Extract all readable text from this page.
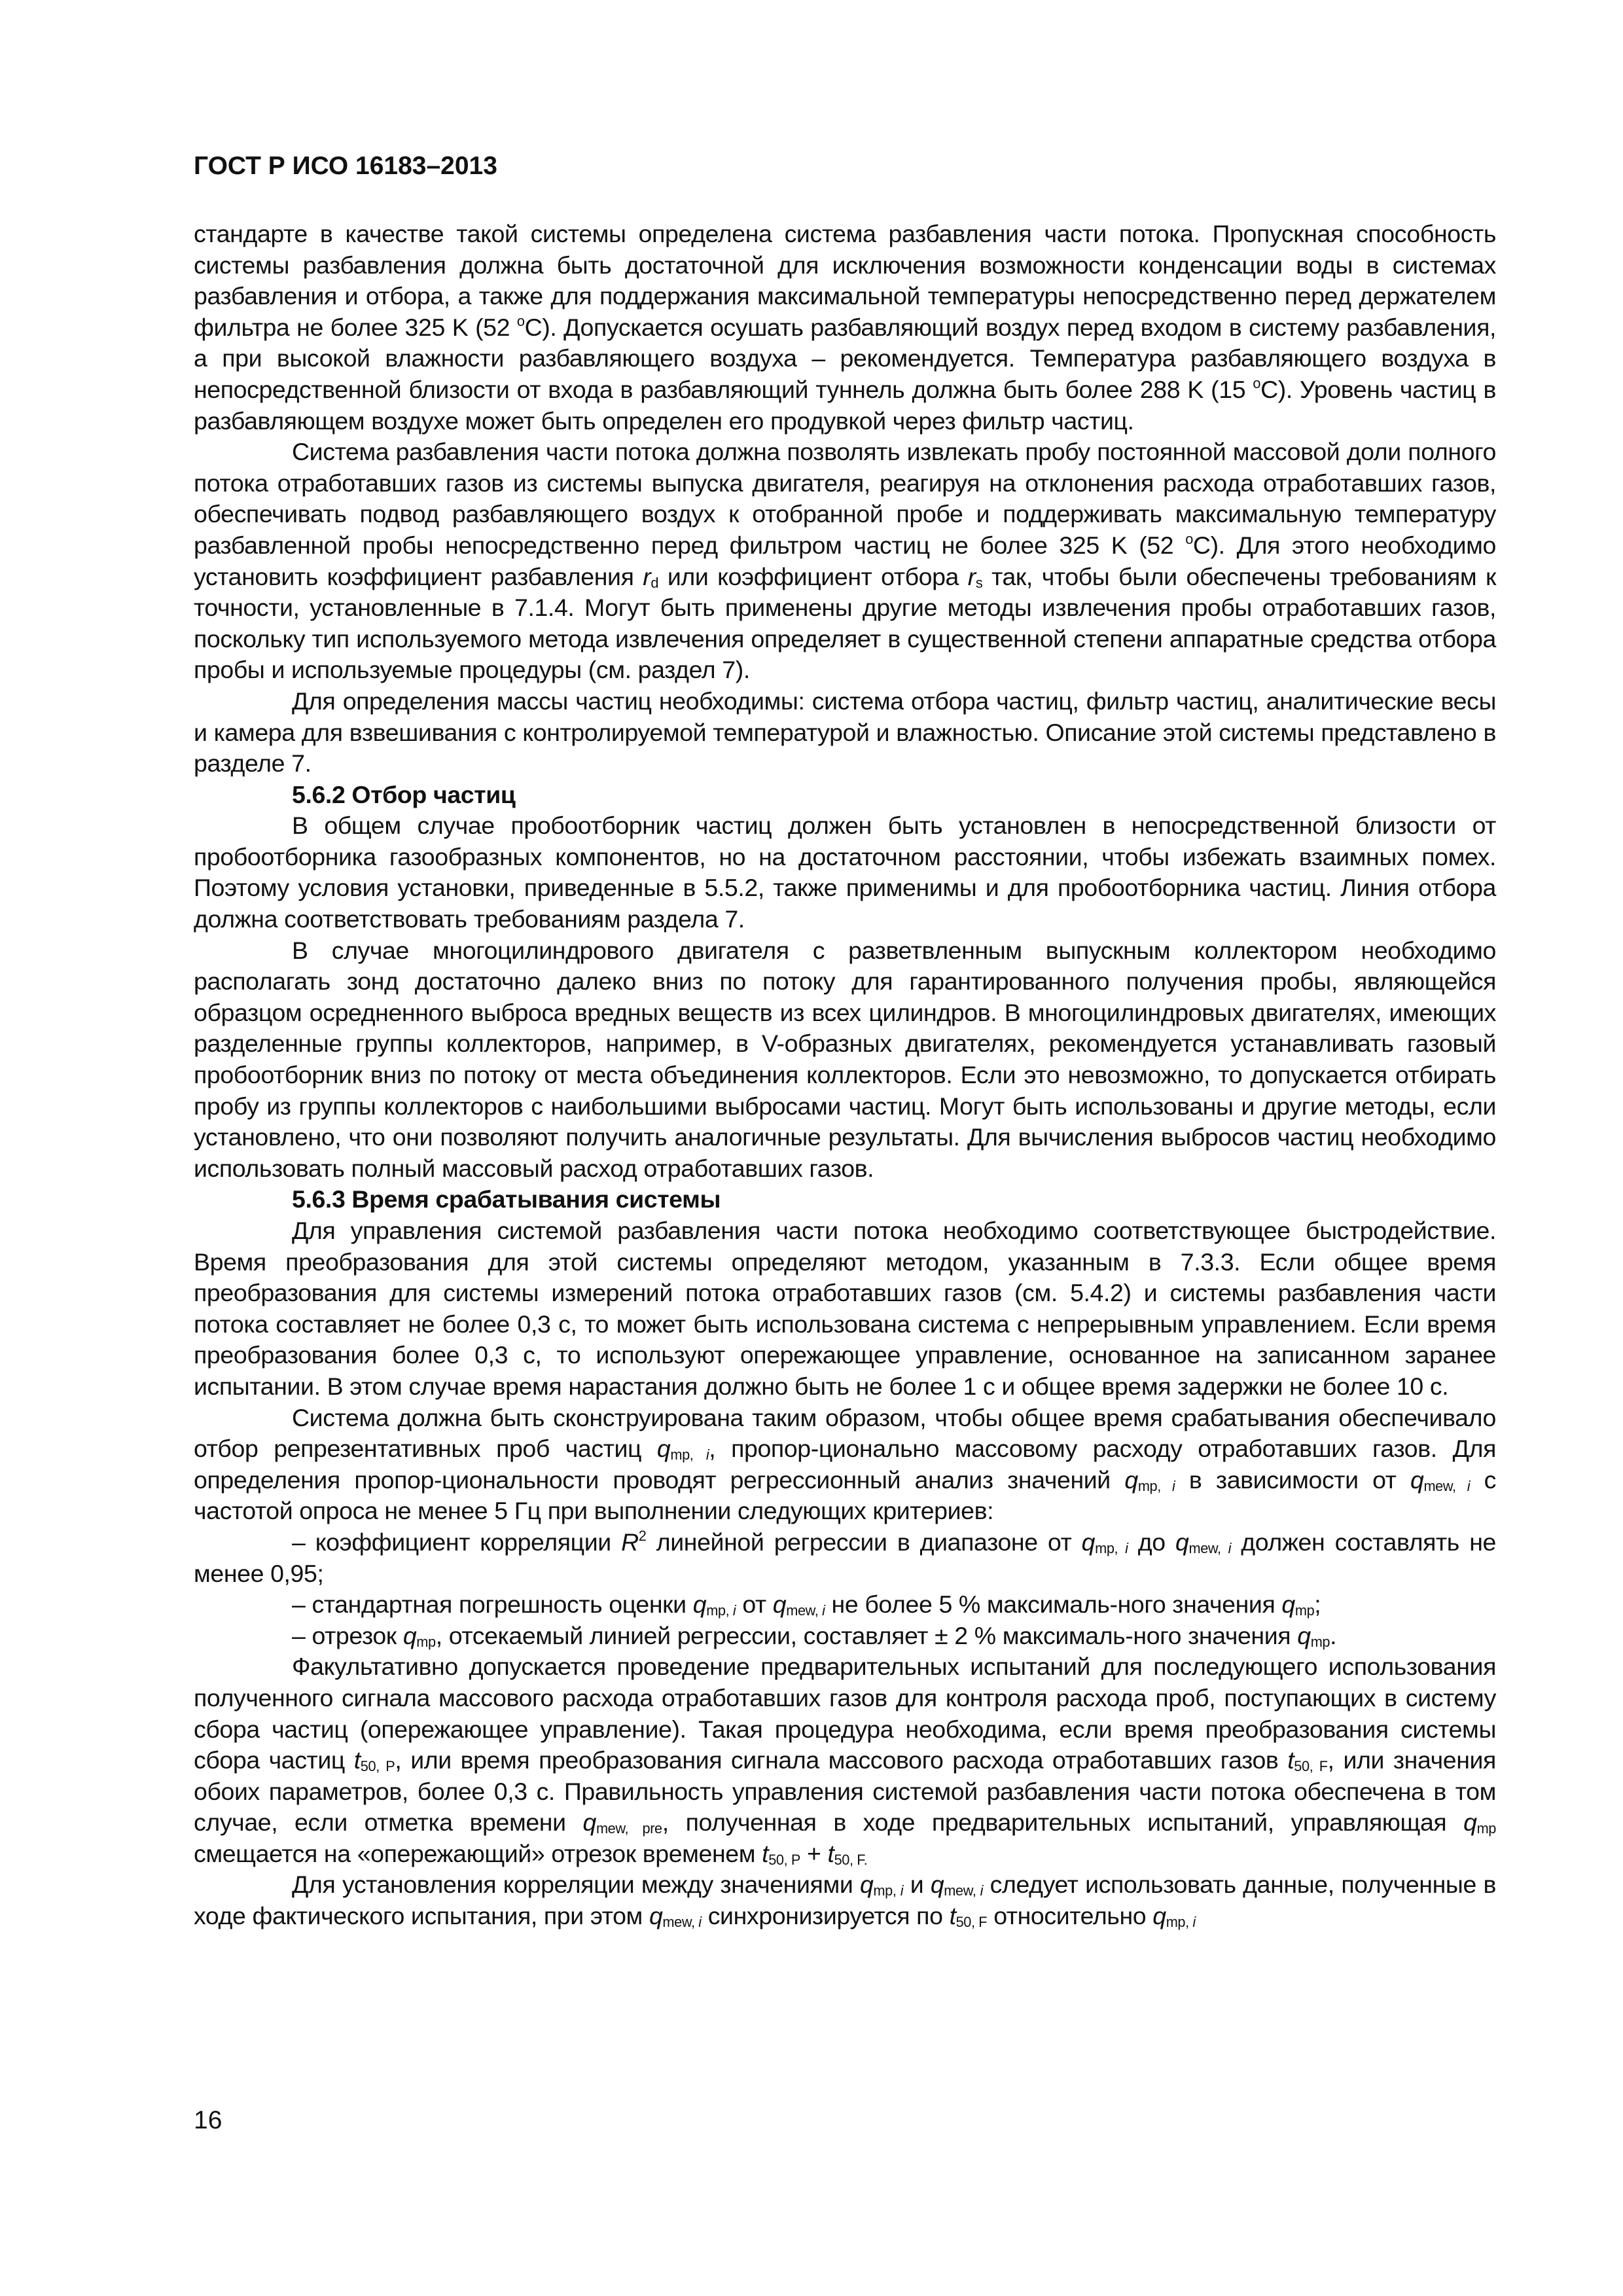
ГОСТ Р ИСО 16183–2013

стандарте в качестве такой системы определена система разбавления части потока. Пропускная способность системы разбавления должна быть достаточной для исключения возможности конденсации воды в системах разбавления и отбора, а также для поддержания максимальной температуры непосредственно перед держателем фильтра не более 325 K (52 $^o$C). Допускается осушать разбавляющий воздух перед входом в систему разбавления, а при высокой влажности разбавляющего воздуха – рекомендуется. Температура разбавляющего воздуха в непосредственной близости от входа в разбавляющий туннель должна быть более 288 K (15 $^o$C). Уровень частиц в разбавляющем воздухе может быть определен его продувкой через фильтр частиц.

Система разбавления части потока должна позволять извлекать пробу постоянной массовой доли полного потока отработавших газов из системы выпуска двигателя, реагируя на отклонения расхода отработавших газов, обеспечивать подвод разбавляющего воздух к отобранной пробе и поддерживать максимальную температуру разбавленной пробы непосредственно перед фильтром частиц не более 325 K (52 $^o$C). Для этого необходимо установить коэффициент разбавления $r_d$ или коэффициент отбора $r_s$ так, чтобы были обеспечены требованиям к точности, установленные в 7.1.4. Могут быть применены другие методы извлечения пробы отработавших газов, поскольку тип используемого метода извлечения определяет в существенной степени аппаратные средства отбора пробы и используемые процедуры (см. раздел 7).

Для определения массы частиц необходимы: система отбора частиц, фильтр частиц, аналитические весы и камера для взвешивания с контролируемой температурой и влажностью. Описание этой системы представлено в разделе 7.

5.6.2 Отбор частиц

В общем случае пробоотборник частиц должен быть установлен в непосредственной близости от пробоотборника газообразных компонентов, но на достаточном расстоянии, чтобы избежать взаимных помех. Поэтому условия установки, приведенные в 5.5.2, также применимы и для пробоотборника частиц. Линия отбора должна соответствовать требованиям раздела 7.

В случае многоцилиндрового двигателя с разветвленным выпускным коллектором необходимо располагать зонд достаточно далеко вниз по потоку для гарантированного получения пробы, являющейся образцом осредненного выброса вредных веществ из всех цилиндров. В многоцилиндровых двигателях, имеющих разделенные группы коллекторов, например, в V-образных двигателях, рекомендуется устанавливать газовый пробоотборник вниз по потоку от места объединения коллекторов. Если это невозможно, то допускается отбирать пробу из группы коллекторов с наибольшими выбросами частиц. Могут быть использованы и другие методы, если установлено, что они позволяют получить аналогичные результаты. Для вычисления выбросов частиц необходимо использовать полный массовый расход отработавших газов.

5.6.3 Время срабатывания системы

Для управления системой разбавления части потока необходимо соответствующее быстродействие. Время преобразования для этой системы определяют методом, указанным в 7.3.3. Если общее время преобразования для системы измерений потока отработавших газов (см. 5.4.2) и системы разбавления части потока составляет не более 0,3 с, то может быть использована система с непрерывным управлением. Если время преобразования более 0,3 с, то используют опережающее управление, основанное на записанном заранее испытании. В этом случае время нарастания должно быть не более 1 с и общее время задержки не более 10 с.

Система должна быть сконструирована таким образом, чтобы общее время срабатывания обеспечивало отбор репрезентативных проб частиц $q_{mp, i}$, пропор-ционально массовому расходу отработавших газов. Для определения пропор-циональности проводят регрессионный анализ значений $q_{mp, i}$ в зависимости от $q_{mew, i}$ с частотой опроса не менее 5 Гц при выполнении следующих критериев:

– коэффициент корреляции $R^2$ линейной регрессии в диапазоне от $q_{mp, i}$ до $q_{mew, i}$ должен составлять не менее 0,95;

– стандартная погрешность оценки $q_{mp, i}$ от $q_{mew, i}$ не более 5 % максималь-ного значения $q_{mp}$;

– отрезок $q_{mp}$, отсекаемый линией регрессии, составляет ± 2 % максималь-ного значения $q_{mp}$.

Факультативно допускается проведение предварительных испытаний для последующего использования полученного сигнала массового расхода отработавших газов для контроля расхода проб, поступающих в систему сбора частиц (опережающее управление). Такая процедура необходима, если время преобразования системы сбора частиц $t_{50, P}$, или время преобразования сигнала массового расхода отработавших газов $t_{50, F}$, или значения обоих параметров, более 0,3 с. Правильность управления системой разбавления части потока обеспечена в том случае, если отметка времени $q_{mew, pre}$, полученная в ходе предварительных испытаний, управляющая $q_{mp}$ смещается на «опережающий» отрезок временем $t_{50, P} + t_{50, F.}$

Для установления корреляции между значениями $q_{mp, i}$ и $q_{mew, i}$ следует использовать данные, полученные в ходе фактического испытания, при этом $q_{mew, i}$ синхронизируется по $t_{50, F}$ относительно $q_{mp, i}$

16
